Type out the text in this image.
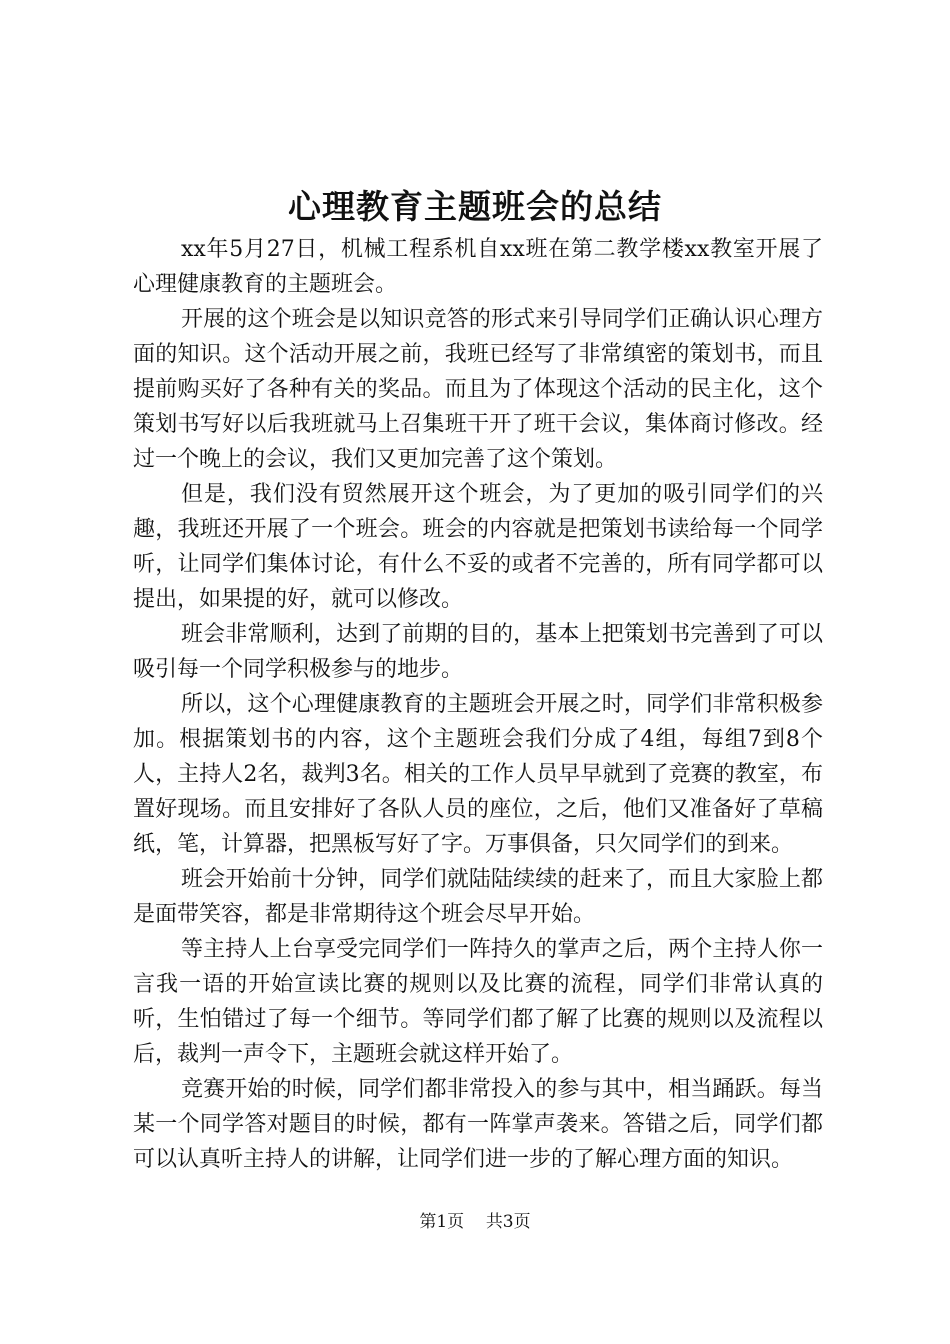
心理教育主题班会的总结

xx年5月27日，机械工程系机自xx班在第二教学楼xx教室开展了心理健康教育的主题班会。

开展的这个班会是以知识竞答的形式来引导同学们正确认识心理方面的知识。这个活动开展之前，我班已经写了非常缜密的策划书，而且提前购买好了各种有关的奖品。而且为了体现这个活动的民主化，这个策划书写好以后我班就马上召集班干开了班干会议，集体商讨修改。经过一个晚上的会议，我们又更加完善了这个策划。

但是，我们没有贸然展开这个班会，为了更加的吸引同学们的兴趣，我班还开展了一个班会。班会的内容就是把策划书读给每一个同学听，让同学们集体讨论，有什么不妥的或者不完善的，所有同学都可以提出，如果提的好，就可以修改。

班会非常顺利，达到了前期的目的，基本上把策划书完善到了可以吸引每一个同学积极参与的地步。

所以，这个心理健康教育的主题班会开展之时，同学们非常积极参加。根据策划书的内容，这个主题班会我们分成了4组，每组7到8个人，主持人2名，裁判3名。相关的工作人员早早就到了竞赛的教室，布置好现场。而且安排好了各队人员的座位，之后，他们又准备好了草稿纸，笔，计算器，把黑板写好了字。万事俱备，只欠同学们的到来。

班会开始前十分钟，同学们就陆陆续续的赶来了，而且大家脸上都是面带笑容，都是非常期待这个班会尽早开始。

等主持人上台享受完同学们一阵持久的掌声之后，两个主持人你一言我一语的开始宣读比赛的规则以及比赛的流程，同学们非常认真的听，生怕错过了每一个细节。等同学们都了解了比赛的规则以及流程以后，裁判一声令下，主题班会就这样开始了。

竞赛开始的时候，同学们都非常投入的参与其中，相当踊跃。每当某一个同学答对题目的时候，都有一阵掌声袭来。答错之后，同学们都可以认真听主持人的讲解，让同学们进一步的了解心理方面的知识。

第1页 共3页
